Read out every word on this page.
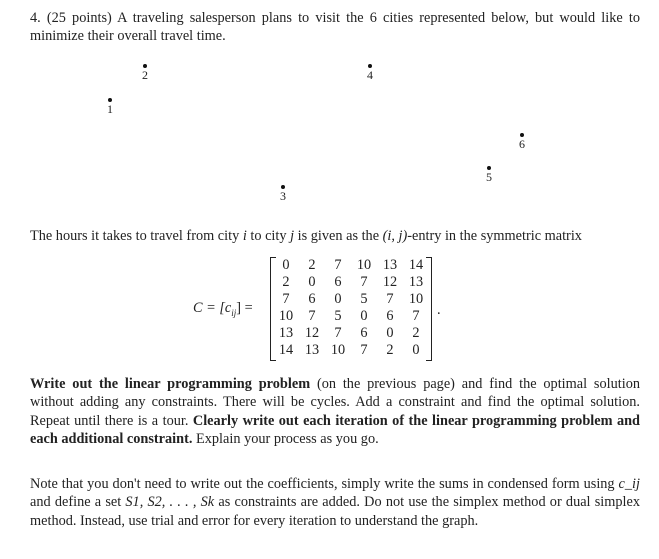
4. (25 points) A traveling salesperson plans to visit the 6 cities represented below, but would like to minimize their overall travel time.
1
2
3
4
5
6
The hours it takes to travel from city i to city j is given as the (i, j)-entry in the symmetric matrix
$C = [c_{ij}]$ =
0	2	7	10 13 14
2	0	6	7	12 13
7	6	0	5	7	10
10	7	5	0	6	7
13 12	7	6	0	2
14 13 10	7	2	0
.
Write out the linear programming problem (on the previous page) and find the optimal solution without adding any constraints. There will be cycles. Add a constraint and find the optimal solution. Repeat until there is a tour. Clearly write out each iteration of the linear programming problem and each additional constraint. Explain your process as you go.
Note that you don't need to write out the coefficients, simply write the sums in condensed form using c_ij and define a set S1, S2, . . . , Sk as constraints are added. Do not use the simplex method or dual simplex method. Instead, use trial and error for every iteration to understand the graph.
